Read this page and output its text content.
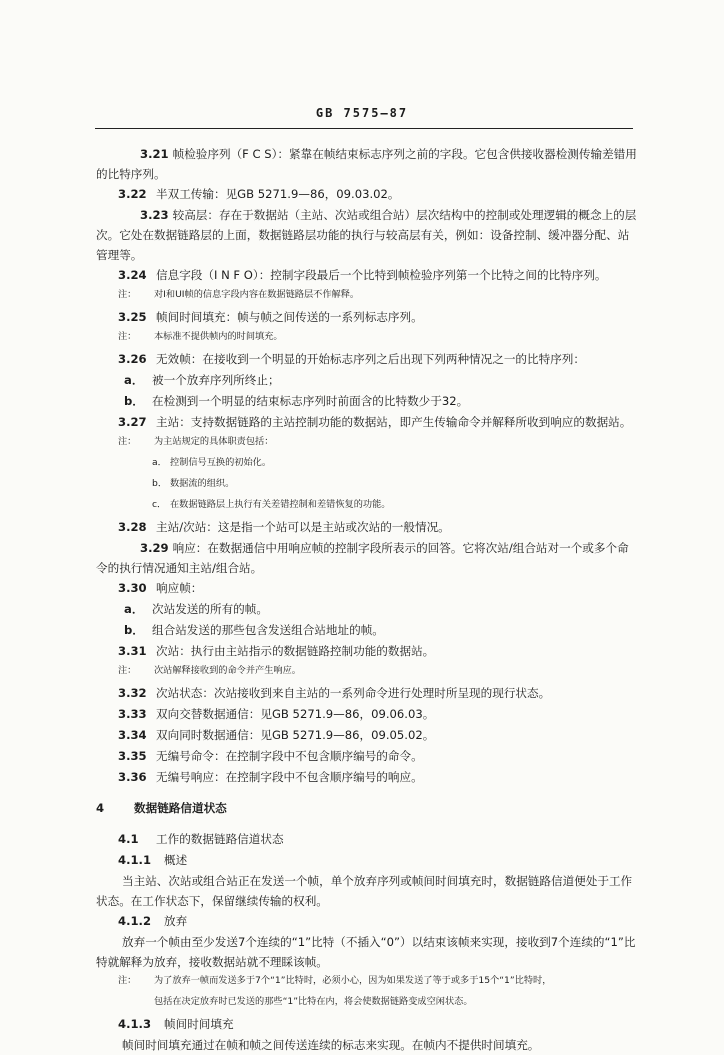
GB 7575—87
3.21 帧检验序列（F C S）：紧靠在帧结束标志序列之前的字段。它包含供接收器检测传输差错用的比特序列。
3.22 半双工传输：见GB 5271.9—86，09.03.02。
3.23 较高层：存在于数据站（主站、次站或组合站）层次结构中的控制或处理逻辑的概念上的层次。它处在数据链路层的上面，数据链路层功能的执行与较高层有关，例如：设备控制、缓冲器分配、站管理等。
3.24 信息字段（I N F O）：控制字段最后一个比特到帧检验序列第一个比特之间的比特序列。
注： 对I和UI帧的信息字段内容在数据链路层不作解释。
3.25 帧间时间填充：帧与帧之间传送的一系列标志序列。
注： 本标准不提供帧内的时间填充。
3.26 无效帧：在接收到一个明显的开始标志序列之后出现下列两种情况之一的比特序列：
a． 被一个放弃序列所终止；
b． 在检测到一个明显的结束标志序列时前面含的比特数少于32。
3.27 主站：支持数据链路的主站控制功能的数据站，即产生传输命令并解释所收到响应的数据站。
注： 为主站规定的具体职责包括：
a． 控制信号互换的初始化。
b． 数据流的组织。
c． 在数据链路层上执行有关差错控制和差错恢复的功能。
3.28 主站/次站：这是指一个站可以是主站或次站的一般情况。
3.29 响应：在数据通信中用响应帧的控制字段所表示的回答。它将次站/组合站对一个或多个命令的执行情况通知主站/组合站。
3.30 响应帧：
a． 次站发送的所有的帧。
b． 组合站发送的那些包含发送组合站地址的帧。
3.31 次站：执行由主站指示的数据链路控制功能的数据站。
注： 次站解释接收到的命令并产生响应。
3.32 次站状态：次站接收到来自主站的一系列命令进行处理时所呈现的现行状态。
3.33 双向交替数据通信：见GB 5271.9—86，09.06.03。
3.34 双向同时数据通信：见GB 5271.9—86，09.05.02。
3.35 无编号命令：在控制字段中不包含顺序编号的命令。
3.36 无编号响应：在控制字段中不包含顺序编号的响应。
4	数据链路信道状态
4.1 工作的数据链路信道状态
4.1.1 概述
当主站、次站或组合站正在发送一个帧，单个放弃序列或帧间时间填充时，数据链路信道便处于工作状态。在工作状态下，保留继续传输的权利。
4.1.2 放弃
放弃一个帧由至少发送7个连续的“1”比特（不插入“0”）以结束该帧来实现，接收到7个连续的“1”比特就解释为放弃，接收数据站就不理睬该帧。
注： 为了放弃一帧而发送多于7个“1”比特时，必须小心，因为如果发送了等于或多于15个“1”比特时，
包括在决定放弃时已发送的那些“1”比特在内，将会使数据链路变成空闲状态。
4.1.3 帧间时间填充
帧间时间填充通过在帧和帧之间传送连续的标志来实现。在帧内不提供时间填充。
